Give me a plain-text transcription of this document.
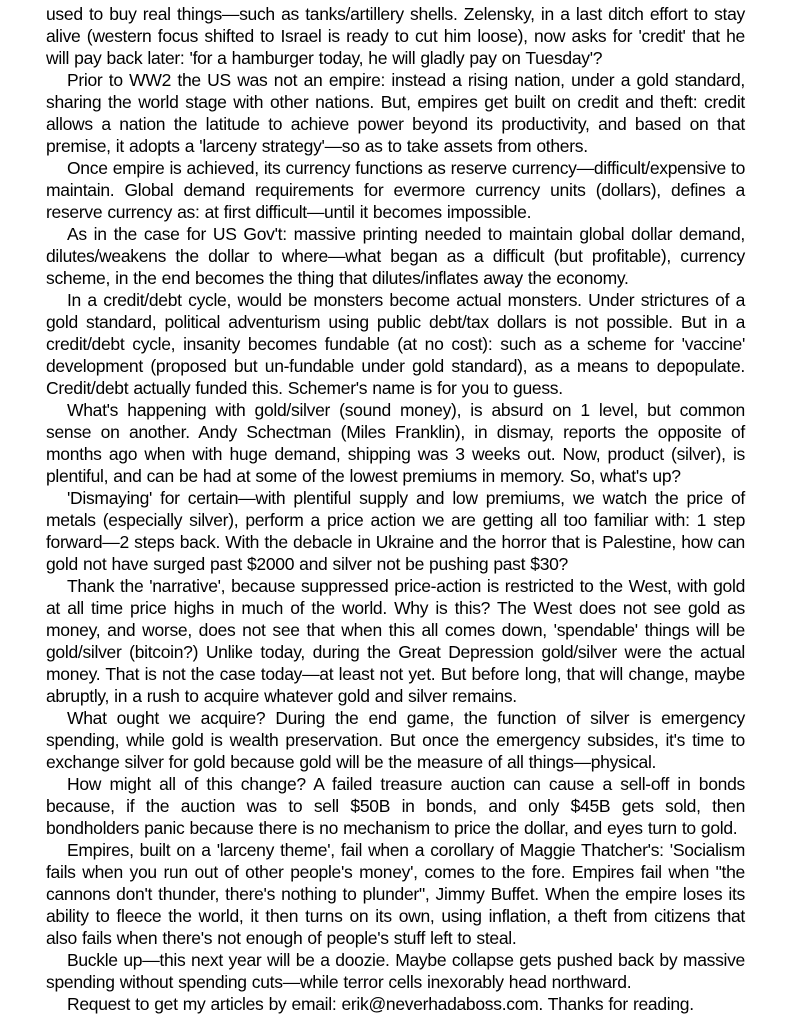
used to buy real things—such as tanks/artillery shells. Zelensky, in a last ditch effort to stay alive (western focus shifted to Israel is ready to cut him loose), now asks for 'credit' that he will pay back later: 'for a hamburger today, he will gladly pay on Tuesday'?

Prior to WW2 the US was not an empire: instead a rising nation, under a gold standard, sharing the world stage with other nations. But, empires get built on credit and theft: credit allows a nation the latitude to achieve power beyond its productivity, and based on that premise, it adopts a 'larceny strategy'—so as to take assets from others.

Once empire is achieved, its currency functions as reserve currency—difficult/expensive to maintain. Global demand requirements for evermore currency units (dollars), defines a reserve currency as: at first difficult—until it becomes impossible.

As in the case for US Gov't: massive printing needed to maintain global dollar demand, dilutes/weakens the dollar to where—what began as a difficult (but profitable), currency scheme, in the end becomes the thing that dilutes/inflates away the economy.

In a credit/debt cycle, would be monsters become actual monsters. Under strictures of a gold standard, political adventurism using public debt/tax dollars is not possible. But in a credit/debt cycle, insanity becomes fundable (at no cost): such as a scheme for 'vaccine' development (proposed but un-fundable under gold standard), as a means to depopulate. Credit/debt actually funded this. Schemer's name is for you to guess.

What's happening with gold/silver (sound money), is absurd on 1 level, but common sense on another. Andy Schectman (Miles Franklin), in dismay, reports the opposite of months ago when with huge demand, shipping was 3 weeks out. Now, product (silver), is plentiful, and can be had at some of the lowest premiums in memory. So, what's up?

'Dismaying' for certain—with plentiful supply and low premiums, we watch the price of metals (especially silver), perform a price action we are getting all too familiar with: 1 step forward—2 steps back. With the debacle in Ukraine and the horror that is Palestine, how can gold not have surged past $2000 and silver not be pushing past $30?

Thank the 'narrative', because suppressed price-action is restricted to the West, with gold at all time price highs in much of the world. Why is this? The West does not see gold as money, and worse, does not see that when this all comes down, 'spendable' things will be gold/silver (bitcoin?) Unlike today, during the Great Depression gold/silver were the actual money. That is not the case today—at least not yet. But before long, that will change, maybe abruptly, in a rush to acquire whatever gold and silver remains.

What ought we acquire? During the end game, the function of silver is emergency spending, while gold is wealth preservation. But once the emergency subsides, it's time to exchange silver for gold because gold will be the measure of all things—physical.

How might all of this change? A failed treasure auction can cause a sell-off in bonds because, if the auction was to sell $50B in bonds, and only $45B gets sold, then bondholders panic because there is no mechanism to price the dollar, and eyes turn to gold.

Empires, built on a 'larceny theme', fail when a corollary of Maggie Thatcher's: 'Socialism fails when you run out of other people's money', comes to the fore. Empires fail when "the cannons don't thunder, there's nothing to plunder", Jimmy Buffet. When the empire loses its ability to fleece the world, it then turns on its own, using inflation, a theft from citizens that also fails when there's not enough of people's stuff left to steal.

Buckle up—this next year will be a doozie. Maybe collapse gets pushed back by massive spending without spending cuts—while terror cells inexorably head northward.

Request to get my articles by email: erik@neverhadaboss.com. Thanks for reading.
